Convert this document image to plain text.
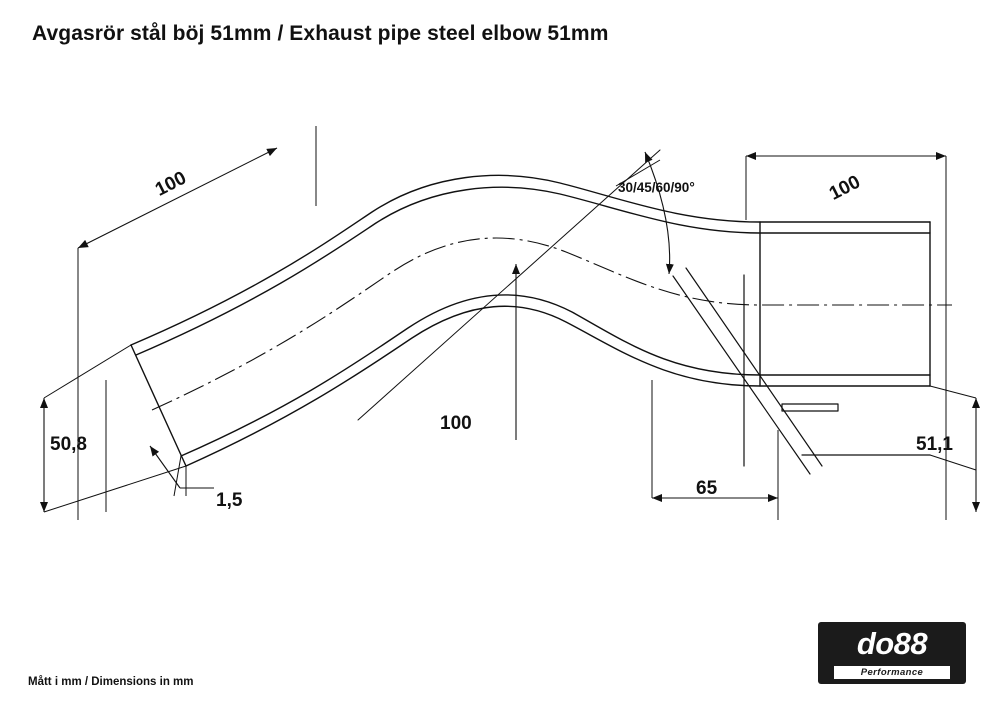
Avgasrör stål böj 51mm / Exhaust pipe steel elbow 51mm
100	100
100
50,8	51,1
1,5
65
30/45/60/90°
Mått i mm / Dimensions in mm
do88
Performance
